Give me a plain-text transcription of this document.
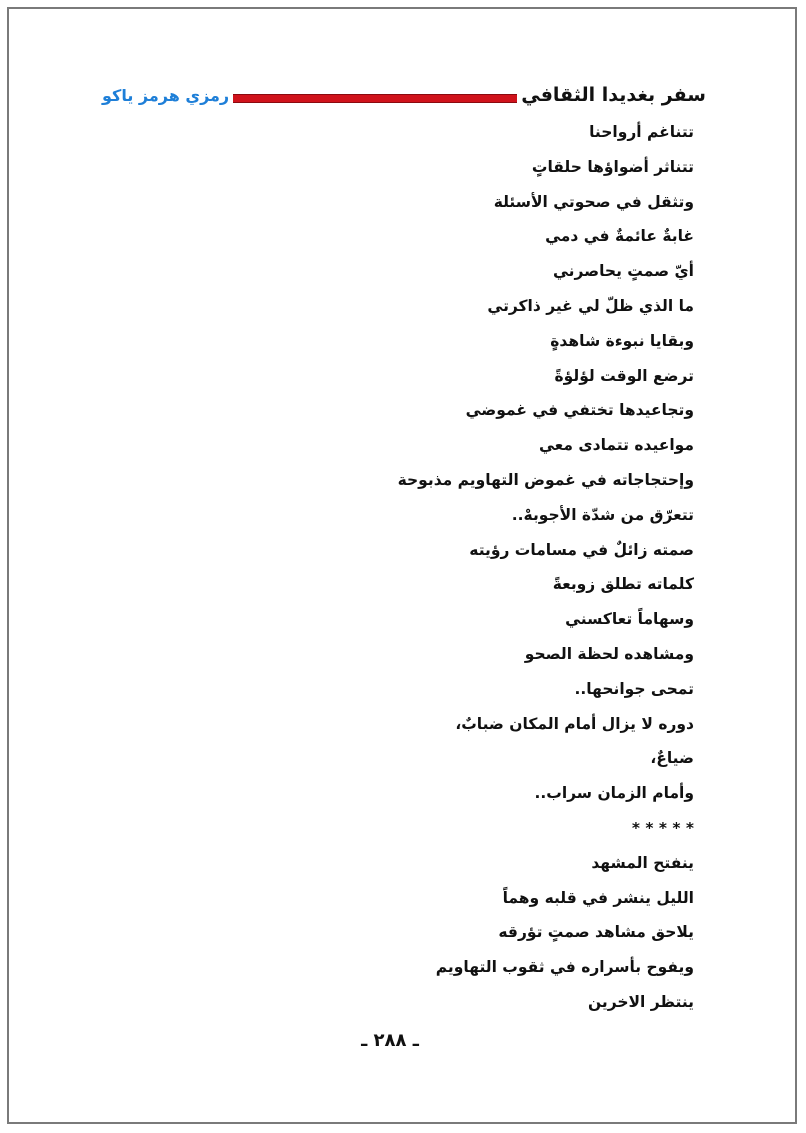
سفر بغديدا الثقافي
رمزي هرمز ياكو
تتناغم أرواحنا
تتناثر أضواؤها حلقاتٍ
وتثقل في صحوتي الأسئلة
غابةٌ عائمةٌ في دمي
أيّ صمتٍ يحاصرني
ما الذي ظلّ لي غير ذاكرتي
وبقايا نبوءة شاهدةٍ
ترضع الوقت لؤلؤةً
وتجاعيدها تختفي في غموضي
مواعيده تتمادى معي
وإحتجاجاته في غموض التهاويم مذبوحة
تتعرّق من شدّة الأجوبهْ..
صمته زائلٌ في مسامات رؤيته
كلماته تطلق زوبعةً
وسهاماً تعاكسني
ومشاهده لحظة الصحو
تمحى جوانحها..
دوره لا يزال أمام المكان ضبابٌ،
ضياعٌ،
وأمام الزمان سراب..
* * * * *
ينفتح المشهد
الليل ينشر في قلبه وهماً
يلاحق مشاهد صمتٍ تؤرقه
ويفوح بأسراره في ثقوب التهاويم
ينتظر الاخرين
ـ ٢٨٨ ـ
